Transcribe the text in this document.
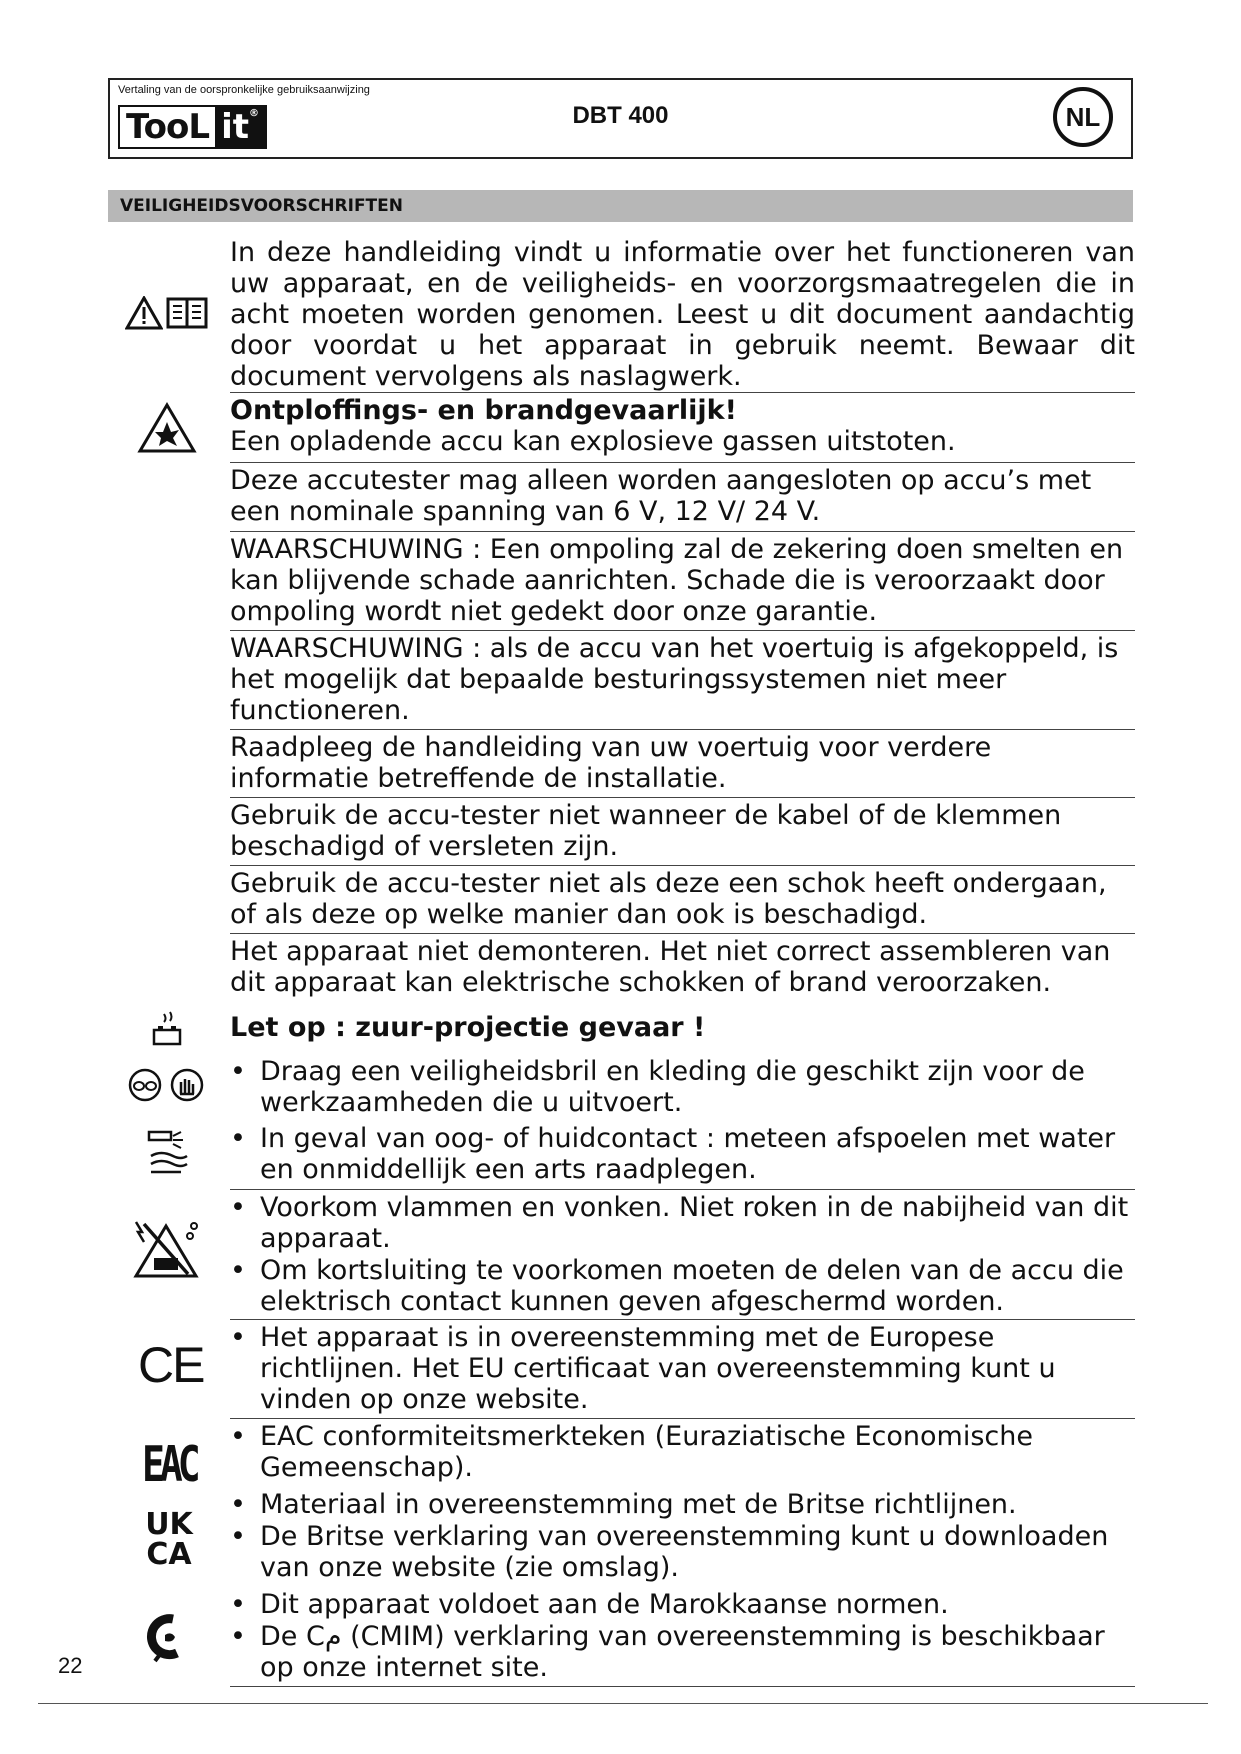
Vertaling van de oorspronkelijke gebruiksaanwijzing
TooL it®	DBT 400	NL
VEILIGHEIDSVOORSCHRIFTEN
CE
EAC
UK
CA
In deze handleiding vindt u informatie over het functioneren van uw apparaat, en de veiligheids- en voorzorgsmaatregelen die in acht moeten worden genomen. Leest u dit document aandachtig door voordat u het apparaat in gebruik neemt. Bewaar dit document vervolgens als naslagwerk.
Ontploffings- en brandgevaarlijk!
Een opladende accu kan explosieve gassen uitstoten.
Deze accutester mag alleen worden aangesloten op accu’s met een nominale spanning van 6 V, 12 V/ 24 V.
WAARSCHUWING : Een ompoling zal de zekering doen smelten en kan blijvende schade aanrichten. Schade die is veroorzaakt door ompoling wordt niet gedekt door onze garantie.
WAARSCHUWING : als de accu van het voertuig is afgekoppeld, is het mogelijk dat bepaalde besturingssystemen niet meer functioneren.
Raadpleeg de handleiding van uw voertuig voor verdere informatie betreffende de installatie.
Gebruik de accu-tester niet wanneer de kabel of de klemmen beschadigd of versleten zijn.
Gebruik de accu-tester niet als deze een schok heeft ondergaan, of als deze op welke manier dan ook is beschadigd.
Het apparaat niet demonteren. Het niet correct assembleren van dit apparaat kan elektrische schokken of brand veroorzaken.
Let op : zuur-projectie gevaar !
• Draag een veiligheidsbril en kleding die geschikt zijn voor de werkzaamheden die u uitvoert.
• In geval van oog- of huidcontact : meteen afspoelen met water en onmiddellijk een arts raadplegen.
• Voorkom vlammen en vonken. Niet roken in de nabijheid van dit apparaat.
• Om kortsluiting te voorkomen moeten de delen van de accu die elektrisch contact kunnen geven afgeschermd worden.
• Het apparaat is in overeenstemming met de Europese richtlijnen. Het EU certificaat van overeenstemming kunt u vinden op onze website.
• EAC conformiteitsmerkteken (Euraziatische Economische Gemeenschap).
• Materiaal in overeenstemming met de Britse richtlijnen.
• De Britse verklaring van overeenstemming kunt u downloaden van onze website (zie omslag).
• Dit apparaat voldoet aan de Marokkaanse normen.
• De Cم (CMIM) verklaring van overeenstemming is beschikbaar op onze internet site.
22
